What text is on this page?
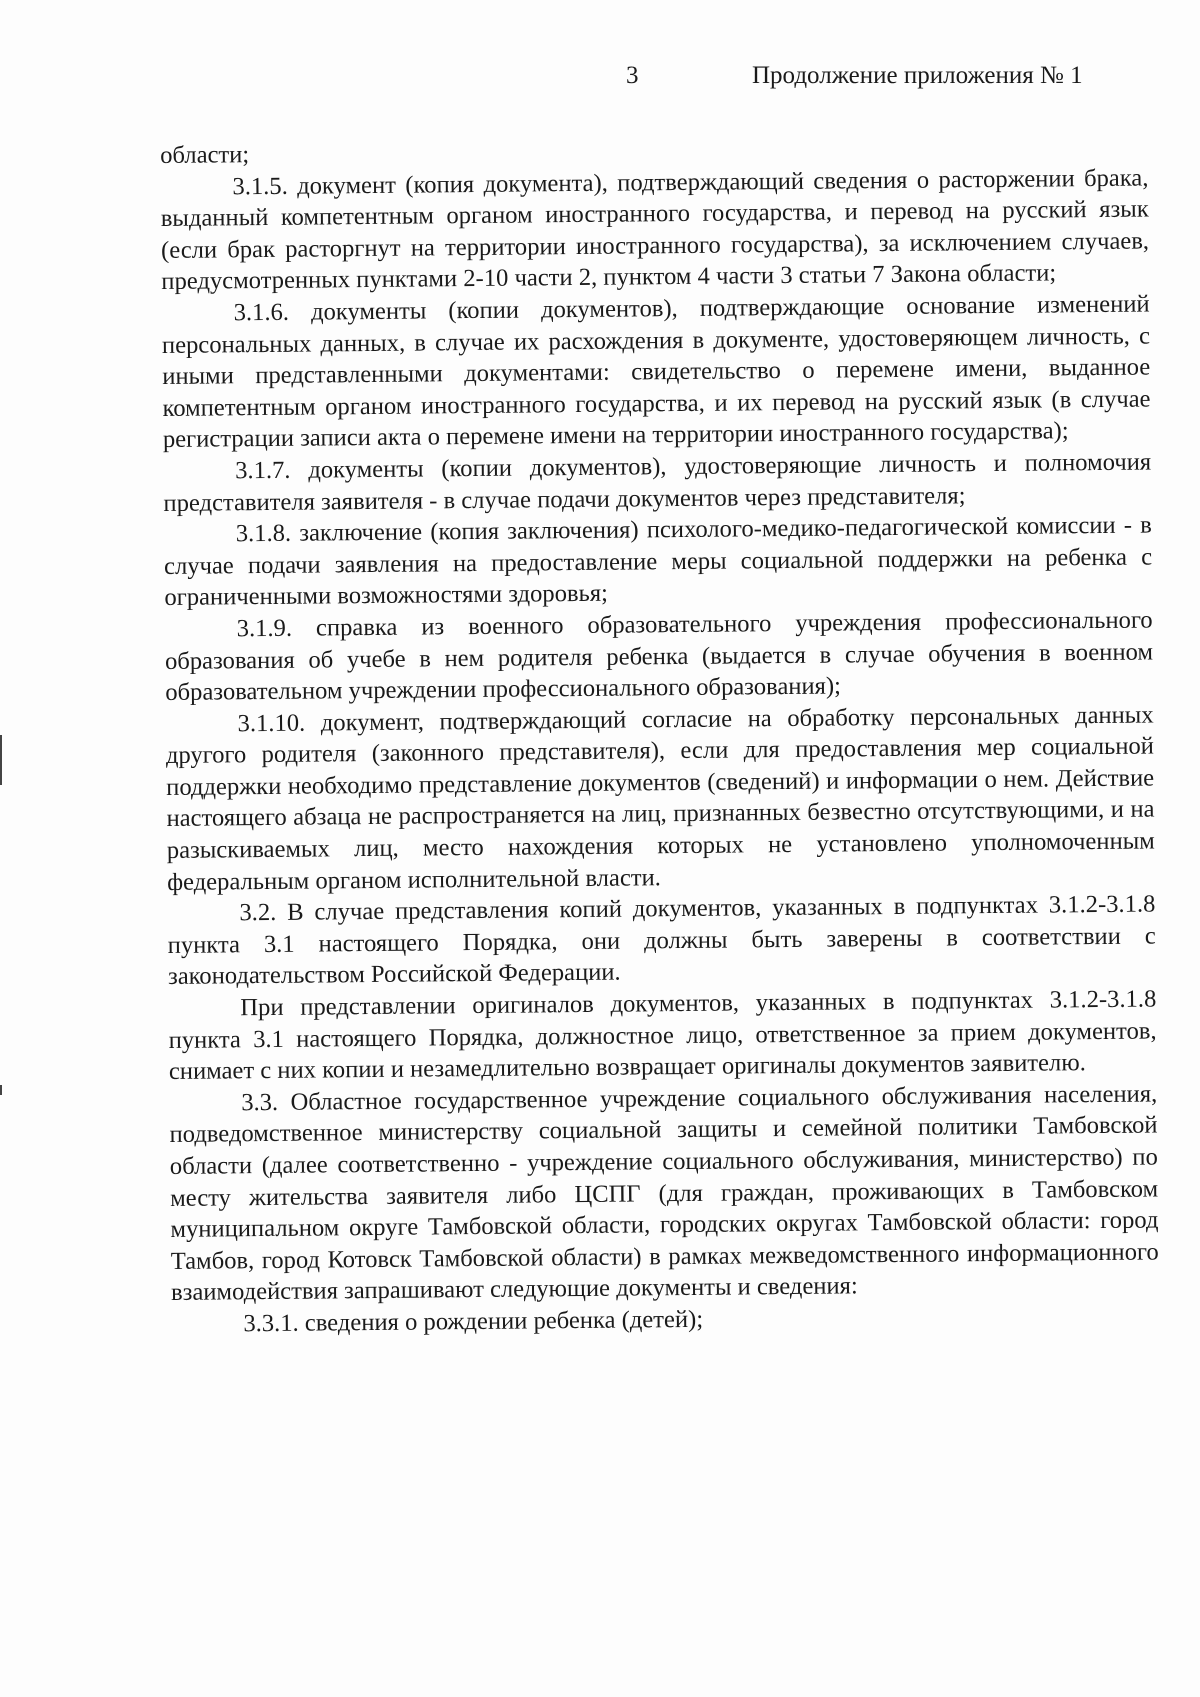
3	Продолжение приложения № 1

области;

3.1.5. документ (копия документа), подтверждающий сведения о расторжении брака, выданный компетентным органом иностранного государства, и перевод на русский язык (если брак расторгнут на территории иностранного государства), за исключением случаев, предусмотренных пунктами 2-10 части 2, пунктом 4 части 3 статьи 7 Закона области;

3.1.6. документы (копии документов), подтверждающие основание изменений персональных данных, в случае их расхождения в документе, удостоверяющем личность, с иными представленными документами: свидетельство о перемене имени, выданное компетентным органом иностранного государства, и их перевод на русский язык (в случае регистрации записи акта о перемене имени на территории иностранного государства);

3.1.7. документы (копии документов), удостоверяющие личность и полномочия представителя заявителя - в случае подачи документов через представителя;

3.1.8. заключение (копия заключения) психолого-медико-педагогической комиссии - в случае подачи заявления на предоставление меры социальной поддержки на ребенка с ограниченными возможностями здоровья;

3.1.9. справка из военного образовательного учреждения профессионального образования об учебе в нем родителя ребенка (выдается в случае обучения в военном образовательном учреждении профессионального образования);

3.1.10. документ, подтверждающий согласие на обработку персональных данных другого родителя (законного представителя), если для предоставления мер социальной поддержки необходимо представление документов (сведений) и информации о нем. Действие настоящего абзаца не распространяется на лиц, признанных безвестно отсутствующими, и на разыскиваемых лиц, место нахождения которых не установлено уполномоченным федеральным органом исполнительной власти.

3.2. В случае представления копий документов, указанных в подпунктах 3.1.2-3.1.8 пункта 3.1 настоящего Порядка, они должны быть заверены в соответствии с законодательством Российской Федерации.

При представлении оригиналов документов, указанных в подпунктах 3.1.2-3.1.8 пункта 3.1 настоящего Порядка, должностное лицо, ответственное за прием документов, снимает с них копии и незамедлительно возвращает оригиналы документов заявителю.

3.3. Областное государственное учреждение социального обслуживания населения, подведомственное министерству социальной защиты и семейной политики Тамбовской области (далее соответственно - учреждение социального обслуживания, министерство) по месту жительства заявителя либо ЦСПГ (для граждан, проживающих в Тамбовском муниципальном округе Тамбовской области, городских округах Тамбовской области: город Тамбов, город Котовск Тамбовской области) в рамках межведомственного информационного взаимодействия запрашивают следующие документы и сведения:

3.3.1. сведения о рождении ребенка (детей);
